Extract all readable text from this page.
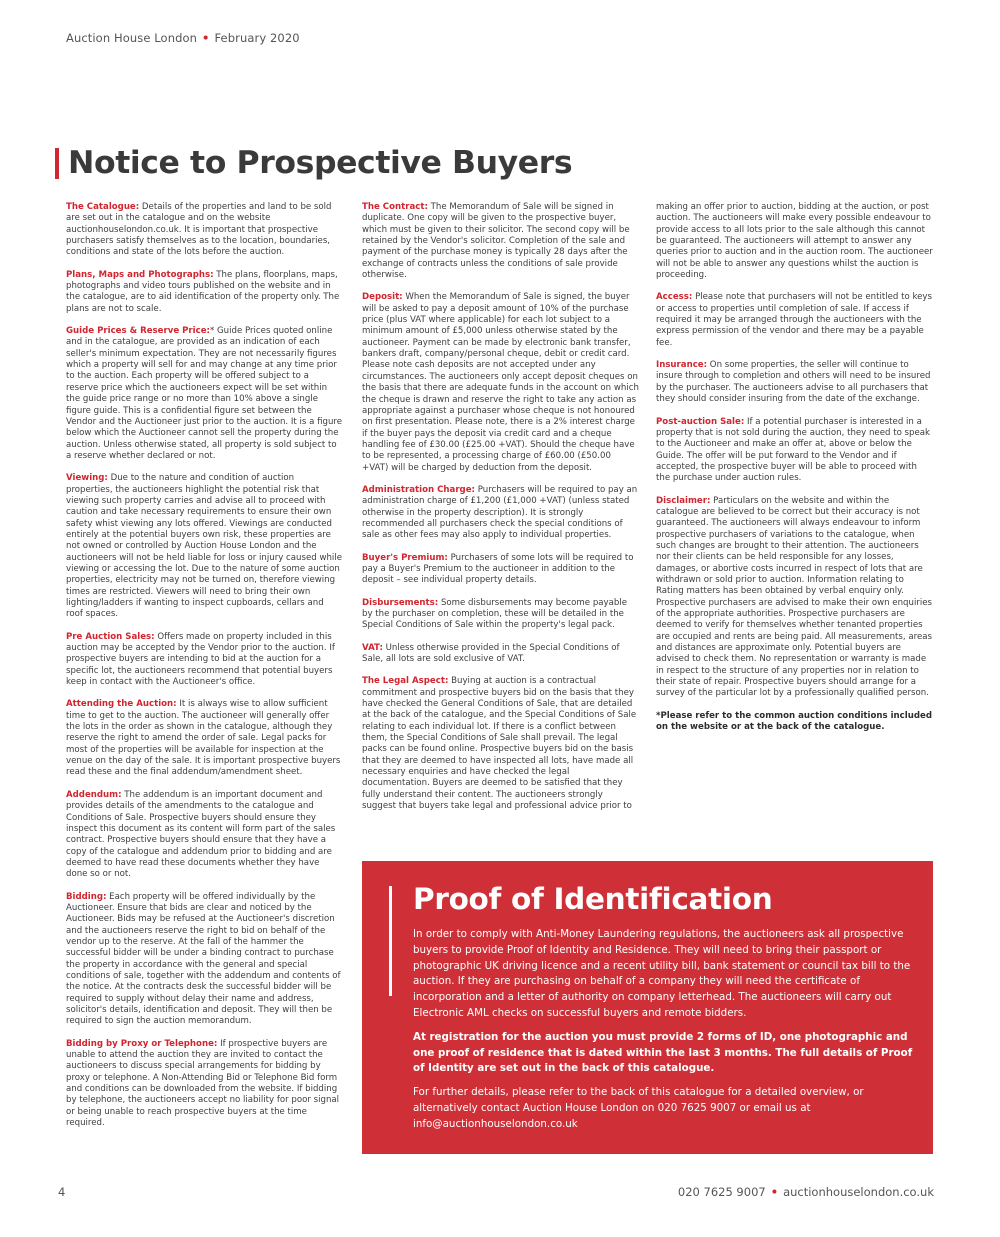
Auction House London • February 2020
Notice to Prospective Buyers

The Catalogue: Details of the properties and land to be sold are set out in the catalogue and on the website auctionhouselondon.co.uk. It is important that prospective purchasers satisfy themselves as to the location, boundaries, conditions and state of the lots before the auction.

Plans, Maps and Photographs: The plans, floorplans, maps, photographs and video tours published on the website and in the catalogue, are to aid identification of the property only. The plans are not to scale.

Guide Prices & Reserve Price:* Guide Prices quoted online and in the catalogue, are provided as an indication of each seller's minimum expectation. They are not necessarily figures which a property will sell for and may change at any time prior to the auction. Each property will be offered subject to a reserve price which the auctioneers expect will be set within the guide price range or no more than 10% above a single figure guide. This is a confidential figure set between the Vendor and the Auctioneer just prior to the auction. It is a figure below which the Auctioneer cannot sell the property during the auction. Unless otherwise stated, all property is sold subject to a reserve whether declared or not.

Viewing: Due to the nature and condition of auction properties, the auctioneers highlight the potential risk that viewing such property carries and advise all to proceed with caution and take necessary requirements to ensure their own safety whist viewing any lots offered. Viewings are conducted entirely at the potential buyers own risk, these properties are not owned or controlled by Auction House London and the auctioneers will not be held liable for loss or injury caused while viewing or accessing the lot. Due to the nature of some auction properties, electricity may not be turned on, therefore viewing times are restricted. Viewers will need to bring their own lighting/ladders if wanting to inspect cupboards, cellars and roof spaces.

Pre Auction Sales: Offers made on property included in this auction may be accepted by the Vendor prior to the auction. If prospective buyers are intending to bid at the auction for a specific lot, the auctioneers recommend that potential buyers keep in contact with the Auctioneer's office.

Attending the Auction: It is always wise to allow sufficient time to get to the auction. The auctioneer will generally offer the lots in the order as shown in the catalogue, although they reserve the right to amend the order of sale. Legal packs for most of the properties will be available for inspection at the venue on the day of the sale. It is important prospective buyers read these and the final addendum/amendment sheet.

Addendum: The addendum is an important document and provides details of the amendments to the catalogue and Conditions of Sale. Prospective buyers should ensure they inspect this document as its content will form part of the sales contract. Prospective buyers should ensure that they have a copy of the catalogue and addendum prior to bidding and are deemed to have read these documents whether they have done so or not.

Bidding: Each property will be offered individually by the Auctioneer. Ensure that bids are clear and noticed by the Auctioneer. Bids may be refused at the Auctioneer's discretion and the auctioneers reserve the right to bid on behalf of the vendor up to the reserve. At the fall of the hammer the successful bidder will be under a binding contract to purchase the property in accordance with the general and special conditions of sale, together with the addendum and contents of the notice. At the contracts desk the successful bidder will be required to supply without delay their name and address, solicitor's details, identification and deposit. They will then be required to sign the auction memorandum.

Bidding by Proxy or Telephone: If prospective buyers are unable to attend the auction they are invited to contact the auctioneers to discuss special arrangements for bidding by proxy or telephone. A Non-Attending Bid or Telephone Bid form and conditions can be downloaded from the website. If bidding by telephone, the auctioneers accept no liability for poor signal or being unable to reach prospective buyers at the time required.

The Contract: The Memorandum of Sale will be signed in duplicate. One copy will be given to the prospective buyer, which must be given to their solicitor. The second copy will be retained by the Vendor's solicitor. Completion of the sale and payment of the purchase money is typically 28 days after the exchange of contracts unless the conditions of sale provide otherwise.

Deposit: When the Memorandum of Sale is signed, the buyer will be asked to pay a deposit amount of 10% of the purchase price (plus VAT where applicable) for each lot subject to a minimum amount of £5,000 unless otherwise stated by the auctioneer. Payment can be made by electronic bank transfer, bankers draft, company/personal cheque, debit or credit card. Please note cash deposits are not accepted under any circumstances. The auctioneers only accept deposit cheques on the basis that there are adequate funds in the account on which the cheque is drawn and reserve the right to take any action as appropriate against a purchaser whose cheque is not honoured on first presentation. Please note, there is a 2% interest charge if the buyer pays the deposit via credit card and a cheque handling fee of £30.00 (£25.00 +VAT). Should the cheque have to be represented, a processing charge of £60.00 (£50.00 +VAT) will be charged by deduction from the deposit.

Administration Charge: Purchasers will be required to pay an administration charge of £1,200 (£1,000 +VAT) (unless stated otherwise in the property description). It is strongly recommended all purchasers check the special conditions of sale as other fees may also apply to individual properties.

Buyer's Premium: Purchasers of some lots will be required to pay a Buyer's Premium to the auctioneer in addition to the deposit – see individual property details.

Disbursements: Some disbursements may become payable by the purchaser on completion, these will be detailed in the Special Conditions of Sale within the property's legal pack.

VAT: Unless otherwise provided in the Special Conditions of Sale, all lots are sold exclusive of VAT.

The Legal Aspect: Buying at auction is a contractual commitment and prospective buyers bid on the basis that they have checked the General Conditions of Sale, that are detailed at the back of the catalogue, and the Special Conditions of Sale relating to each individual lot. If there is a conflict between them, the Special Conditions of Sale shall prevail. The legal packs can be found online. Prospective buyers bid on the basis that they are deemed to have inspected all lots, have made all necessary enquiries and have checked the legal documentation. Buyers are deemed to be satisfied that they fully understand their content. The auctioneers strongly suggest that buyers take legal and professional advice prior to

making an offer prior to auction, bidding at the auction, or post auction. The auctioneers will make every possible endeavour to provide access to all lots prior to the sale although this cannot be guaranteed. The auctioneers will attempt to answer any queries prior to auction and in the auction room. The auctioneer will not be able to answer any questions whilst the auction is proceeding.

Access: Please note that purchasers will not be entitled to keys or access to properties until completion of sale. If access if required it may be arranged through the auctioneers with the express permission of the vendor and there may be a payable fee.

Insurance: On some properties, the seller will continue to insure through to completion and others will need to be insured by the purchaser. The auctioneers advise to all purchasers that they should consider insuring from the date of the exchange.

Post-auction Sale: If a potential purchaser is interested in a property that is not sold during the auction, they need to speak to the Auctioneer and make an offer at, above or below the Guide. The offer will be put forward to the Vendor and if accepted, the prospective buyer will be able to proceed with the purchase under auction rules.

Disclaimer: Particulars on the website and within the catalogue are believed to be correct but their accuracy is not guaranteed. The auctioneers will always endeavour to inform prospective purchasers of variations to the catalogue, when such changes are brought to their attention. The auctioneers nor their clients can be held responsible for any losses, damages, or abortive costs incurred in respect of lots that are withdrawn or sold prior to auction. Information relating to Rating matters has been obtained by verbal enquiry only. Prospective purchasers are advised to make their own enquiries of the appropriate authorities. Prospective purchasers are deemed to verify for themselves whether tenanted properties are occupied and rents are being paid. All measurements, areas and distances are approximate only. Potential buyers are advised to check them. No representation or warranty is made in respect to the structure of any properties nor in relation to their state of repair. Prospective buyers should arrange for a survey of the particular lot by a professionally qualified person.

*Please refer to the common auction conditions included on the website or at the back of the catalogue.

Proof of Identification

In order to comply with Anti-Money Laundering regulations, the auctioneers ask all prospective buyers to provide Proof of Identity and Residence. They will need to bring their passport or photographic UK driving licence and a recent utility bill, bank statement or council tax bill to the auction. If they are purchasing on behalf of a company they will need the certificate of incorporation and a letter of authority on company letterhead. The auctioneers will carry out Electronic AML checks on successful buyers and remote bidders.

At registration for the auction you must provide 2 forms of ID, one photographic and one proof of residence that is dated within the last 3 months. The full details of Proof of Identity are set out in the back of this catalogue.

For further details, please refer to the back of this catalogue for a detailed overview, or alternatively contact Auction House London on 020 7625 9007 or email us at info@auctionhouselondon.co.uk

4	020 7625 9007 • auctionhouselondon.co.uk
